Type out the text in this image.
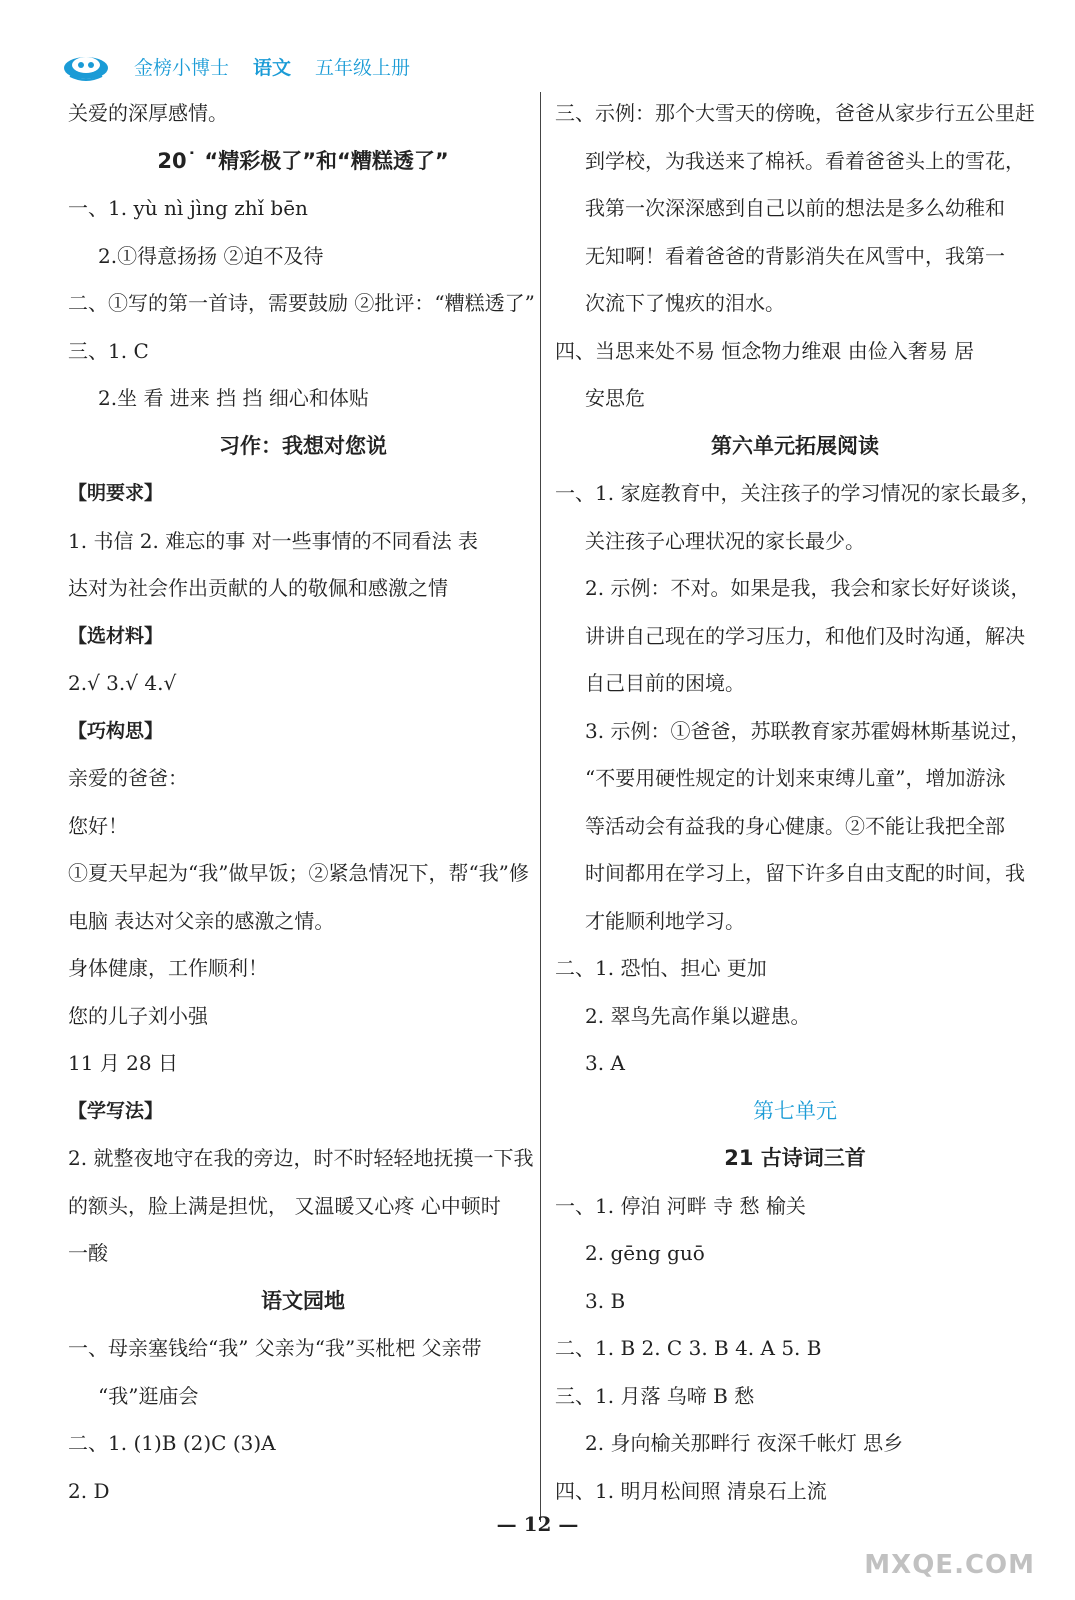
金榜小博士 语文 五年级上册
关爱的深厚感情。
20˙ “精彩极了”和“糟糕透了”
一、1. yù nì jìng zhǐ bēn
2.①得意扬扬 ②迫不及待
二、①写的第一首诗，需要鼓励 ②批评：“糟糕透了”
三、1. C
2.坐 看 进来 挡 挡 细心和体贴
习作：我想对您说
【明要求】
1. 书信 2. 难忘的事 对一些事情的不同看法 表
达对为社会作出贡献的人的敬佩和感激之情
【选材料】
2.√ 3.√ 4.√
【巧构思】
亲爱的爸爸：
您好！
①夏天早起为“我”做早饭；②紧急情况下，帮“我”修
电脑 表达对父亲的感激之情。
身体健康，工作顺利！
您的儿子刘小强
11 月 28 日
【学写法】
2. 就整夜地守在我的旁边，时不时轻轻地抚摸一下我
的额头，脸上满是担忧， 又温暖又心疼 心中顿时
一酸
语文园地
一、母亲塞钱给“我” 父亲为“我”买枇杷 父亲带
“我”逛庙会
二、1. (1)B (2)C (3)A
2. D
三、示例：那个大雪天的傍晚，爸爸从家步行五公里赶
到学校，为我送来了棉袄。看着爸爸头上的雪花，
我第一次深深感到自己以前的想法是多么幼稚和
无知啊！看着爸爸的背影消失在风雪中，我第一
次流下了愧疚的泪水。
四、当思来处不易 恒念物力维艰 由俭入奢易 居
安思危
第六单元拓展阅读
一、1. 家庭教育中，关注孩子的学习情况的家长最多，
关注孩子心理状况的家长最少。
2. 示例：不对。如果是我，我会和家长好好谈谈，
讲讲自己现在的学习压力，和他们及时沟通，解决
自己目前的困境。
3. 示例：①爸爸，苏联教育家苏霍姆林斯基说过，
“不要用硬性规定的计划来束缚儿童”，增加游泳
等活动会有益我的身心健康。②不能让我把全部
时间都用在学习上，留下许多自由支配的时间，我
才能顺利地学习。
二、1. 恐怕、担心 更加
2. 翠鸟先高作巢以避患。
3. A
第七单元
21 古诗词三首
一、1. 停泊 河畔 寺 愁 榆关
2. gēng guō
3. B
二、1. B 2. C 3. B 4. A 5. B
三、1. 月落 乌啼 B 愁
2. 身向榆关那畔行 夜深千帐灯 思乡
四、1. 明月松间照 清泉石上流
— 12 —
MXQE.COM
